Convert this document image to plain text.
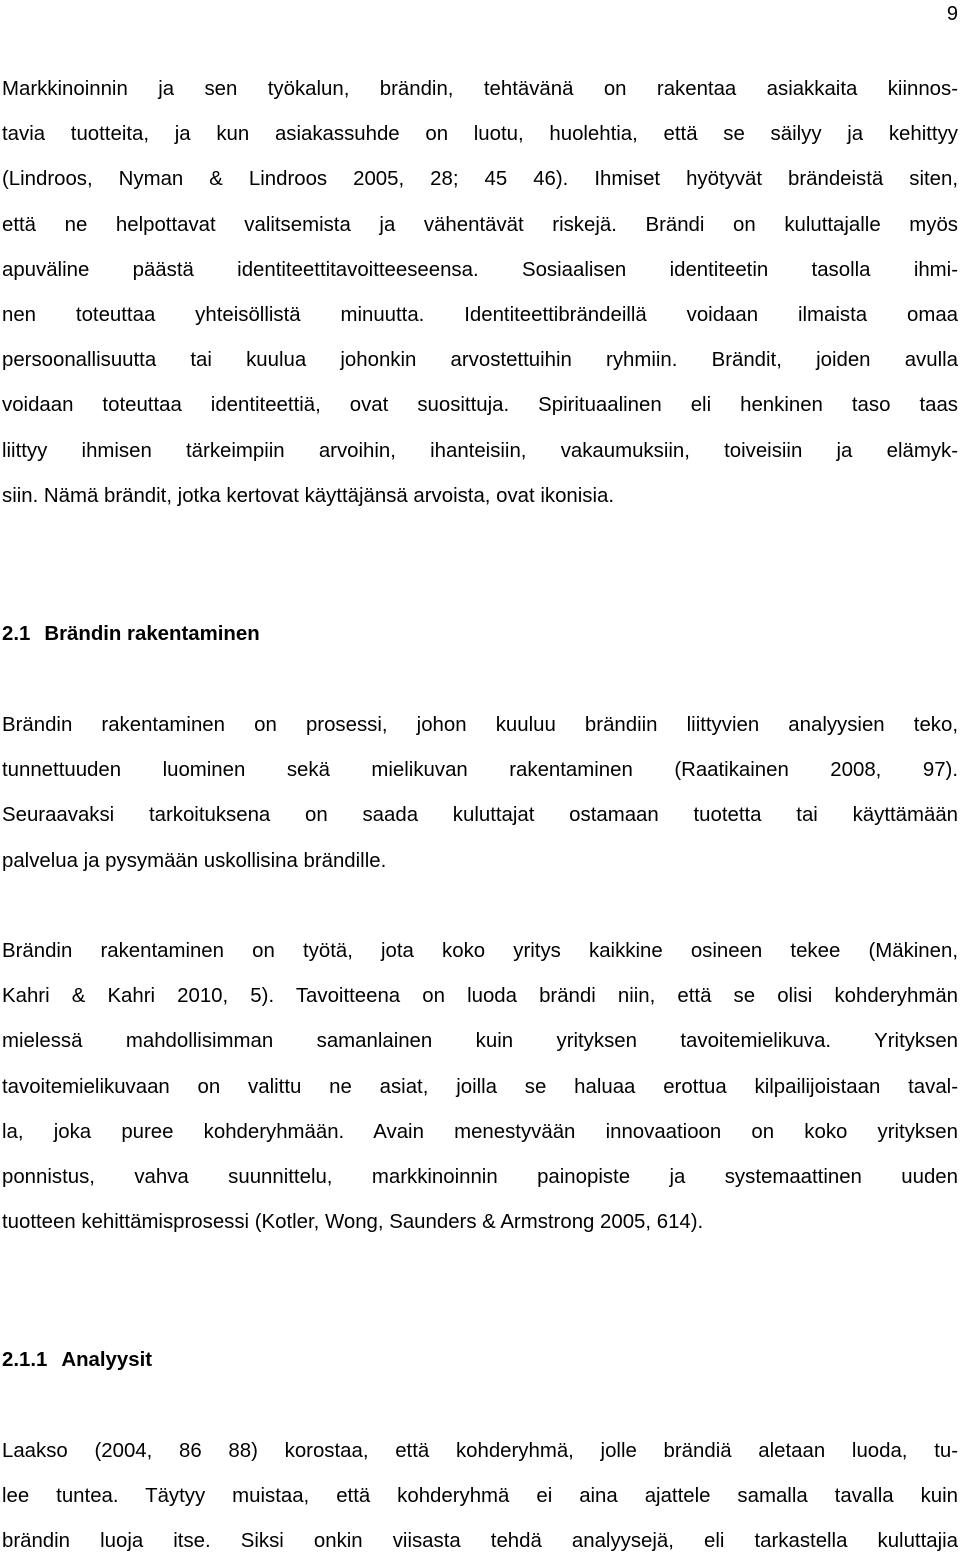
9
Markkinoinnin ja sen työkalun, brändin, tehtävänä on rakentaa asiakkaita kiinnos-
tavia tuotteita, ja kun asiakassuhde on luotu, huolehtia, että se säilyy ja kehittyy
(Lindroos, Nyman & Lindroos 2005, 28; 45 46). Ihmiset hyötyvät brändeistä siten,
että ne helpottavat valitsemista ja vähentävät riskejä. Brändi on kuluttajalle myös
apuväline päästä identiteettitavoitteeseensa. Sosiaalisen identiteetin tasolla ihmi-
nen toteuttaa yhteisöllistä minuutta. Identiteettibrändeillä voidaan ilmaista omaa
persoonallisuutta tai kuulua johonkin arvostettuihin ryhmiin. Brändit, joiden avulla
voidaan toteuttaa identiteettiä, ovat suosittuja. Spirituaalinen eli henkinen taso taas
liittyy ihmisen tärkeimpiin arvoihin, ihanteisiin, vakaumuksiin, toiveisiin ja elämyk-
siin. Nämä brändit, jotka kertovat käyttäjänsä arvoista, ovat ikonisia.
2.1 Brändin rakentaminen
Brändin rakentaminen on prosessi, johon kuuluu brändiin liittyvien analyysien teko,
tunnettuuden luominen sekä mielikuvan rakentaminen (Raatikainen 2008, 97).
Seuraavaksi tarkoituksena on saada kuluttajat ostamaan tuotetta tai käyttämään
palvelua ja pysymään uskollisina brändille.
Brändin rakentaminen on työtä, jota koko yritys kaikkine osineen tekee (Mäkinen,
Kahri & Kahri 2010, 5). Tavoitteena on luoda brändi niin, että se olisi kohderyhmän
mielessä mahdollisimman samanlainen kuin yrityksen tavoitemielikuva. Yrityksen
tavoitemielikuvaan on valittu ne asiat, joilla se haluaa erottua kilpailijoistaan taval-
la, joka puree kohderyhmään. Avain menestyvään innovaatioon on koko yrityksen
ponnistus, vahva suunnittelu, markkinoinnin painopiste ja systemaattinen uuden
tuotteen kehittämisprosessi (Kotler, Wong, Saunders & Armstrong 2005, 614).
2.1.1 Analyysit
Laakso (2004, 86 88) korostaa, että kohderyhmä, jolle brändiä aletaan luoda, tu-
lee tuntea. Täytyy muistaa, että kohderyhmä ei aina ajattele samalla tavalla kuin
brändin luoja itse. Siksi onkin viisasta tehdä analyysejä, eli tarkastella kuluttajia
